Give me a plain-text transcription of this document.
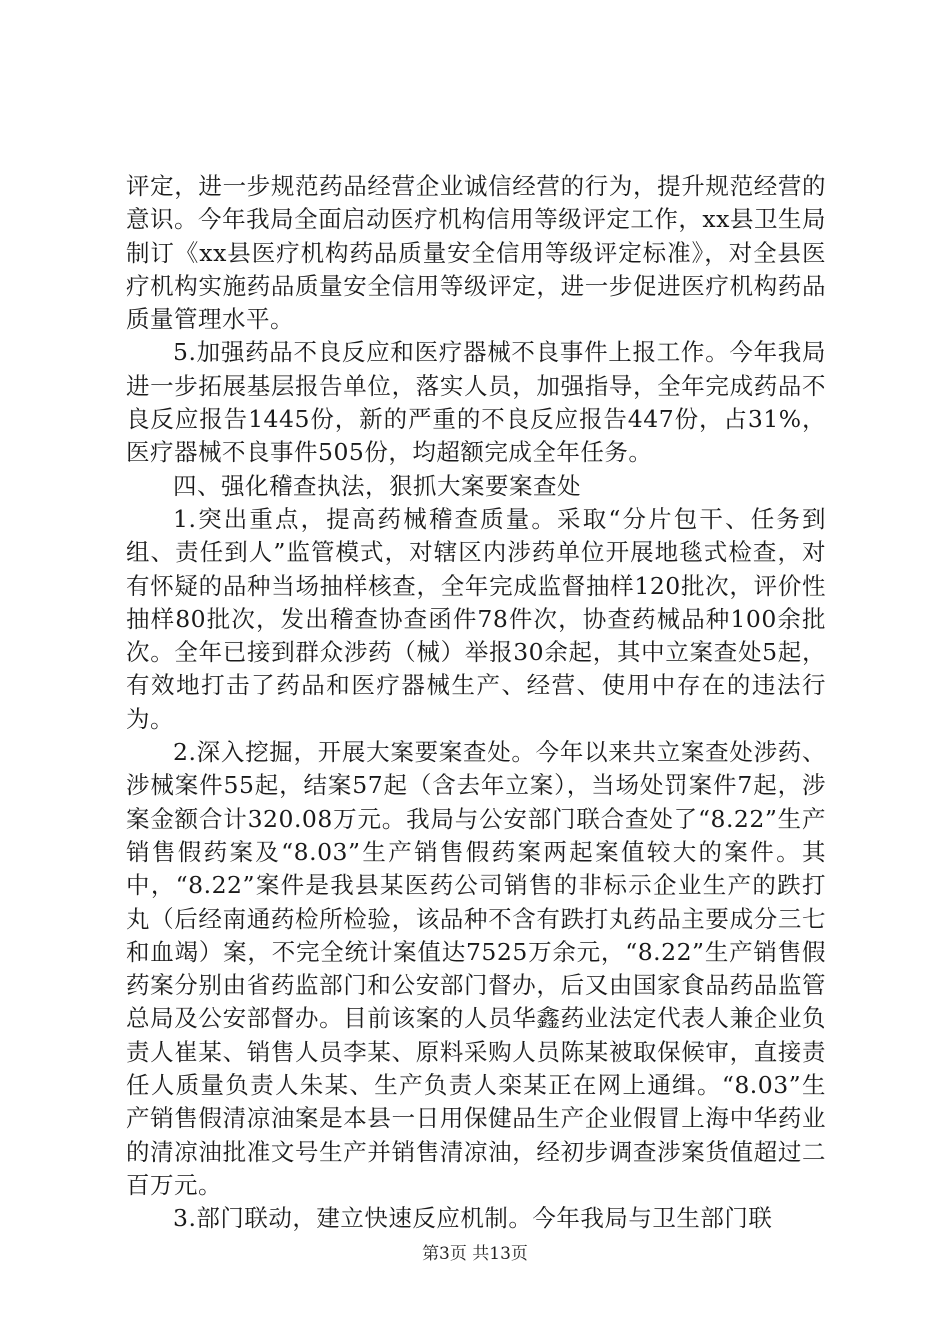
评定，进一步规范药品经营企业诚信经营的行为，提升规范经营的意识。今年我局全面启动医疗机构信用等级评定工作，xx县卫生局制订《xx县医疗机构药品质量安全信用等级评定标准》，对全县医疗机构实施药品质量安全信用等级评定，进一步促进医疗机构药品质量管理水平。

5.加强药品不良反应和医疗器械不良事件上报工作。今年我局进一步拓展基层报告单位，落实人员，加强指导，全年完成药品不良反应报告1445份，新的严重的不良反应报告447份，占31%，医疗器械不良事件505份，均超额完成全年任务。

四、强化稽查执法，狠抓大案要案查处

1.突出重点，提高药械稽查质量。采取“分片包干、任务到组、责任到人”监管模式，对辖区内涉药单位开展地毯式检查，对有怀疑的品种当场抽样核查，全年完成监督抽样120批次，评价性抽样80批次，发出稽查协查函件78件次，协查药械品种100余批次。全年已接到群众涉药（械）举报30余起，其中立案查处5起，有效地打击了药品和医疗器械生产、经营、使用中存在的违法行为。

2.深入挖掘，开展大案要案查处。今年以来共立案查处涉药、涉械案件55起，结案57起（含去年立案），当场处罚案件7起，涉案金额合计320.08万元。我局与公安部门联合查处了“8.22”生产销售假药案及“8.03”生产销售假药案两起案值较大的案件。其中，“8.22”案件是我县某医药公司销售的非标示企业生产的跌打丸（后经南通药检所检验，该品种不含有跌打丸药品主要成分三七和血竭）案，不完全统计案值达7525万余元，“8.22”生产销售假药案分别由省药监部门和公安部门督办，后又由国家食品药品监管总局及公安部督办。目前该案的人员华鑫药业法定代表人兼企业负责人崔某、销售人员李某、原料采购人员陈某被取保候审，直接责任人质量负责人朱某、生产负责人栾某正在网上通缉。“8.03”生产销售假清凉油案是本县一日用保健品生产企业假冒上海中华药业的清凉油批准文号生产并销售清凉油，经初步调查涉案货值超过二百万元。

3.部门联动，建立快速反应机制。今年我局与卫生部门联

第3页 共13页
